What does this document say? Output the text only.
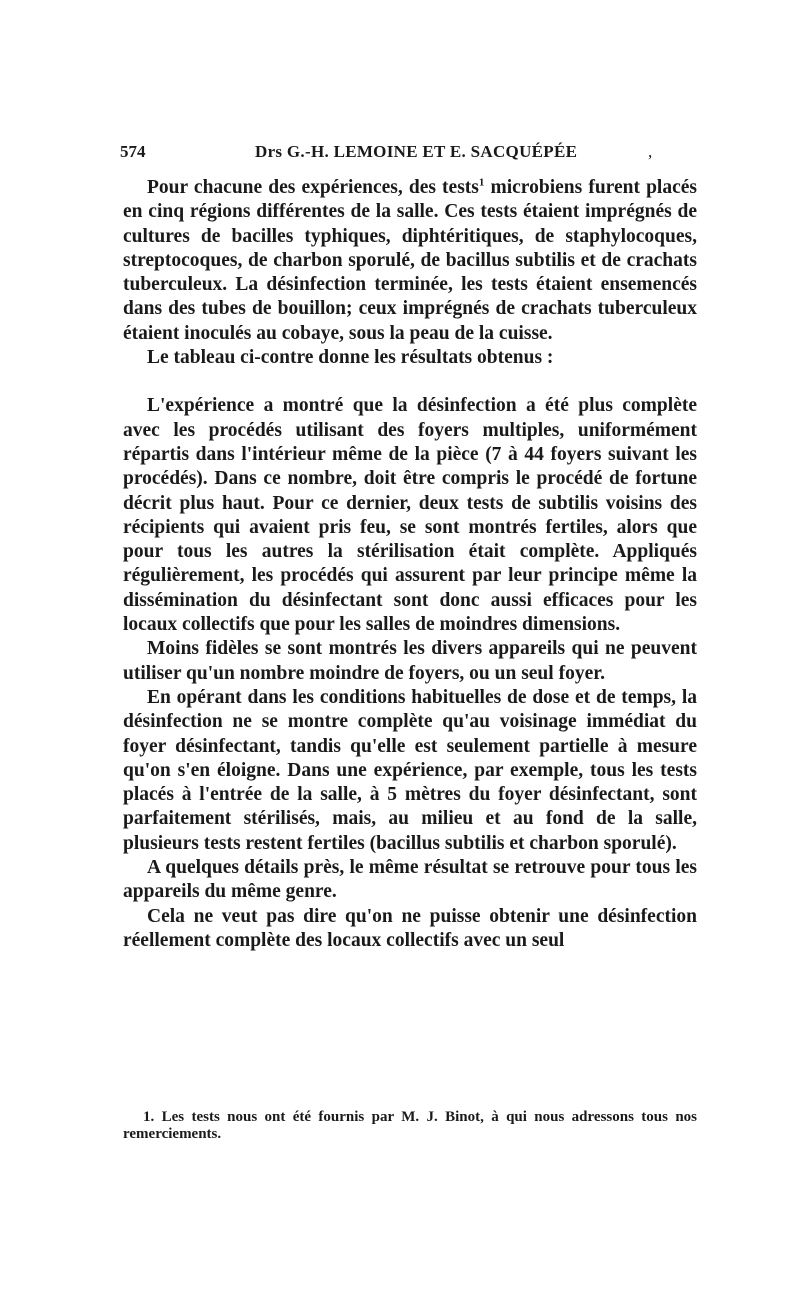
574	Drs G.-H. LEMOINE ET E. SACQUÉPÉE	,

Pour chacune des expériences, des tests$^1$ microbiens furent placés en cinq régions différentes de la salle. Ces tests étaient imprégnés de cultures de bacilles typhiques, diphtéritiques, de staphylocoques, streptocoques, de charbon sporulé, de bacillus subtilis et de crachats tuberculeux. La désinfection terminée, les tests étaient ensemencés dans des tubes de bouillon; ceux imprégnés de crachats tuberculeux étaient inoculés au cobaye, sous la peau de la cuisse.

Le tableau ci-contre donne les résultats obtenus :

L'expérience a montré que la désinfection a été plus complète avec les procédés utilisant des foyers multiples, uniformément répartis dans l'intérieur même de la pièce (7 à 44 foyers suivant les procédés). Dans ce nombre, doit être compris le procédé de fortune décrit plus haut. Pour ce dernier, deux tests de subtilis voisins des récipients qui avaient pris feu, se sont montrés fertiles, alors que pour tous les autres la stérilisation était complète. Appliqués régulièrement, les procédés qui assurent par leur principe même la dissémination du désinfectant sont donc aussi efficaces pour les locaux collectifs que pour les salles de moindres dimensions.

Moins fidèles se sont montrés les divers appareils qui ne peuvent utiliser qu'un nombre moindre de foyers, ou un seul foyer.

En opérant dans les conditions habituelles de dose et de temps, la désinfection ne se montre complète qu'au voisinage immédiat du foyer désinfectant, tandis qu'elle est seulement partielle à mesure qu'on s'en éloigne. Dans une expérience, par exemple, tous les tests placés à l'entrée de la salle, à 5 mètres du foyer désinfectant, sont parfaitement stérilisés, mais, au milieu et au fond de la salle, plusieurs tests restent fertiles (bacillus subtilis et charbon sporulé).

A quelques détails près, le même résultat se retrouve pour tous les appareils du même genre.

Cela ne veut pas dire qu'on ne puisse obtenir une désinfection réellement complète des locaux collectifs avec un seul

1. Les tests nous ont été fournis par M. J. Binot, à qui nous adressons tous nos remerciements.
